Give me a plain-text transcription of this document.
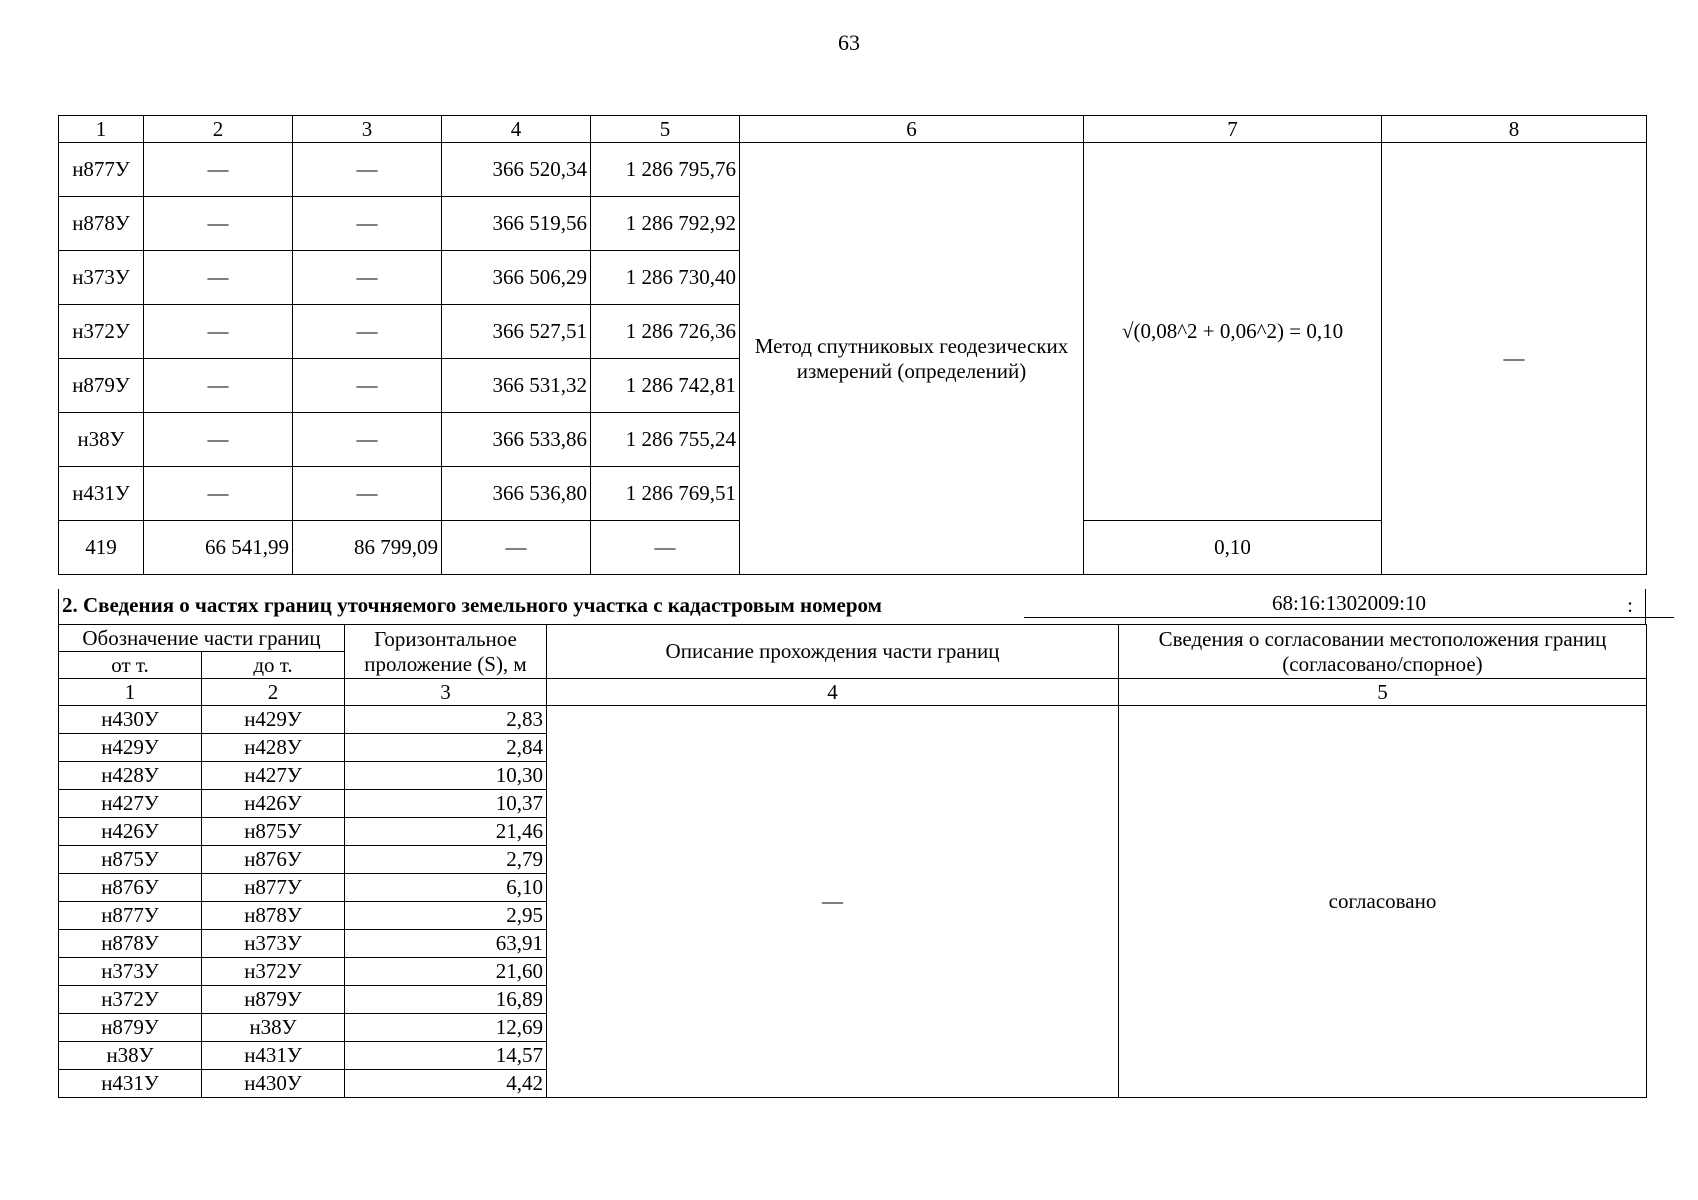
63
1	2	3	4	5	6	7	8
н877У	—	—	366 520,34	1 286 795,76	Метод спутниковых геодезических измерений (определений)	√(0,08^2 + 0,06^2) = 0,10	—
н878У	—	—	366 519,56	1 286 792,92			
н373У	—	—	366 506,29	1 286 730,40			
н372У	—	—	366 527,51	1 286 726,36			
н879У	—	—	366 531,32	1 286 742,81			
н38У	—	—	366 533,86	1 286 755,24			
н431У	—	—	366 536,80	1 286 769,51			
419	66 541,99	86 799,09	—	—		0,10	
2. Сведения о частях границ уточняемого земельного участка с кадастровым номером	68:16:1302009:10	:
Обозначение части границ		Горизонтальное проложение (S), м	Описание прохождения части границ	Сведения о согласовании местоположения границ (согласовано/спорное)
от т.	до т.			
1	2	3	4	5
н430У	н429У	2,83	—	согласовано
н429У	н428У	2,84		
н428У	н427У	10,30		
н427У	н426У	10,37		
н426У	н875У	21,46		
н875У	н876У	2,79		
н876У	н877У	6,10		
н877У	н878У	2,95		
н878У	н373У	63,91		
н373У	н372У	21,60		
н372У	н879У	16,89		
н879У	н38У	12,69		
н38У	н431У	14,57		
н431У	н430У	4,42		
